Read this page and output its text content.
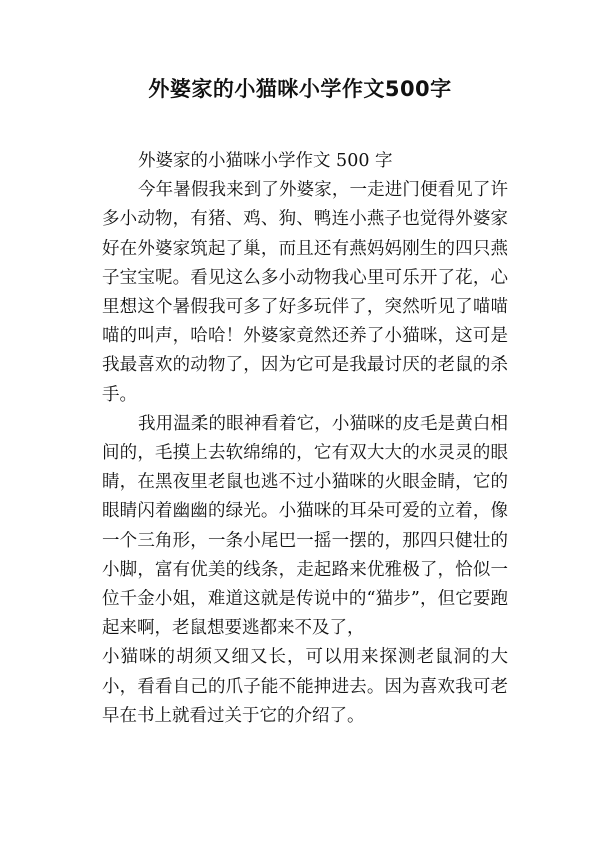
外婆家的小猫咪小学作文500字

外婆家的小猫咪小学作文 500 字

今年暑假我来到了外婆家，一走进门便看见了许多小动物，有猪、鸡、狗、鸭连小燕子也觉得外婆家好在外婆家筑起了巢，而且还有燕妈妈刚生的四只燕子宝宝呢。看见这么多小动物我心里可乐开了花，心里想这个暑假我可多了好多玩伴了，突然听见了喵喵喵的叫声，哈哈！外婆家竟然还养了小猫咪，这可是我最喜欢的动物了，因为它可是我最讨厌的老鼠的杀手。

我用温柔的眼神看着它，小猫咪的皮毛是黄白相间的，毛摸上去软绵绵的，它有双大大的水灵灵的眼睛，在黑夜里老鼠也逃不过小猫咪的火眼金睛，它的眼睛闪着幽幽的绿光。小猫咪的耳朵可爱的立着，像一个三角形，一条小尾巴一摇一摆的，那四只健壮的小脚，富有优美的线条，走起路来优雅极了，恰似一位千金小姐，难道这就是传说中的“猫步”，但它要跑起来啊，老鼠想要逃都来不及了，

小猫咪的胡须又细又长，可以用来探测老鼠洞的大小，看看自己的爪子能不能抻进去。因为喜欢我可老早在书上就看过关于它的介绍了。
